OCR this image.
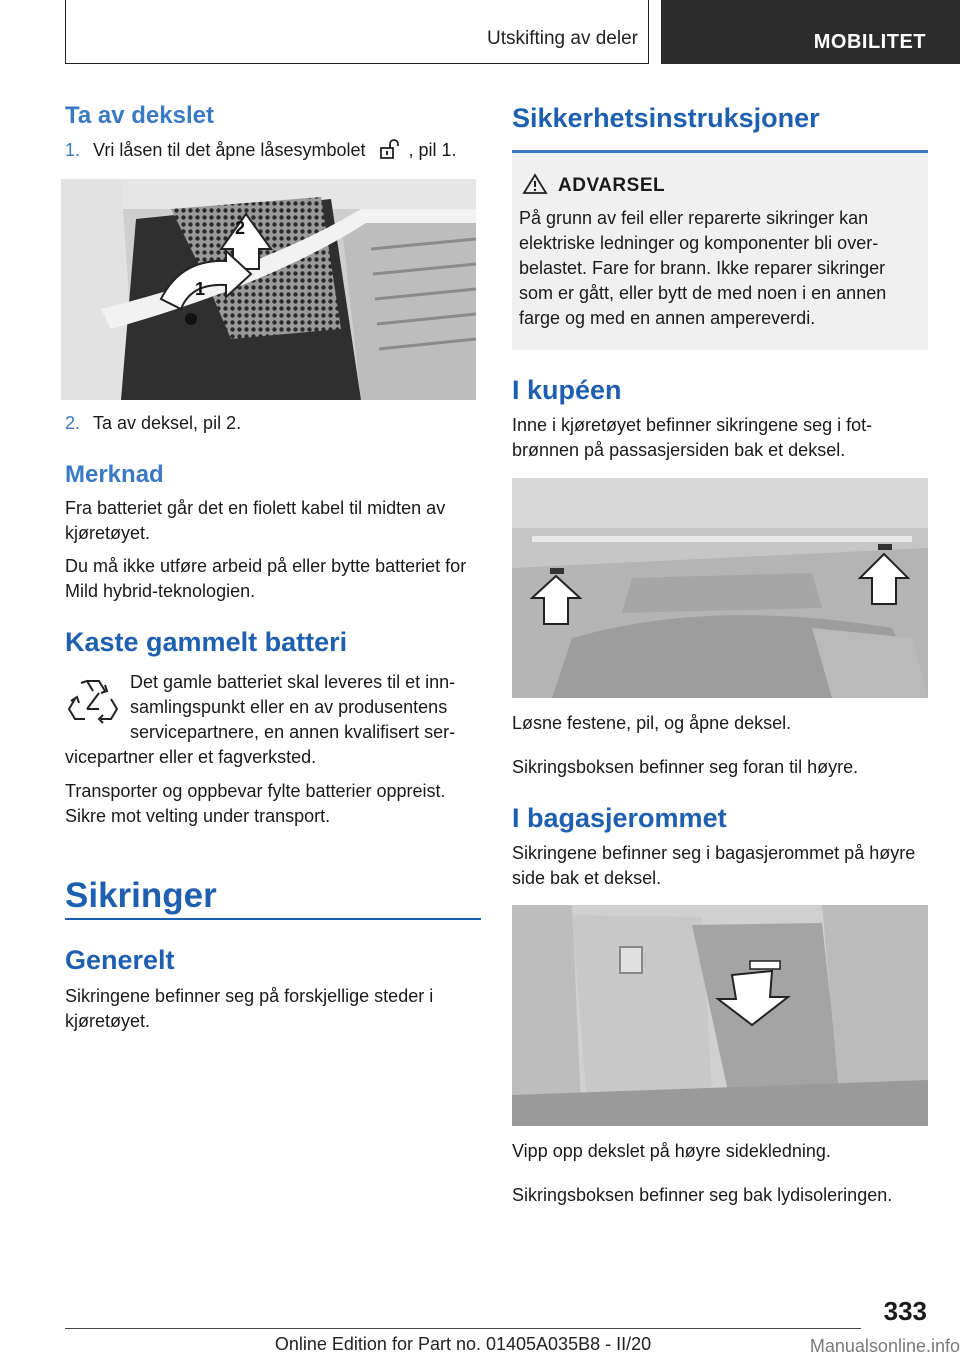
Utskifting av deler	MOBILITET
Ta av dekslet
1. Vri låsen til det åpne låsesymbolet , pil 1.
2
1
2. Ta av deksel, pil 2.
Merknad
Fra batteriet går det en fiolett kabel til midten av kjøretøyet.
Du må ikke utføre arbeid på eller bytte batteriet for Mild hybrid-teknologien.
Kaste gammelt batteri
Det gamle batteriet skal leveres til et inn-
samlingspunkt eller en av produsentens
servicepartnere, en annen kvalifisert ser-
vicepartner eller et fagverksted.
Transporter og oppbevar fylte batterier oppreist. Sikre mot velting under transport.
Sikringer
Generelt
Sikringene befinner seg på forskjellige steder i kjøretøyet.
Sikkerhetsinstruksjoner
ADVARSEL
På grunn av feil eller reparerte sikringer kan elektriske ledninger og komponenter bli over-belastet. Fare for brann. Ikke reparer sikringer som er gått, eller bytt de med noen i en annen farge og med en annen ampereverdi.
I kupéen
Inne i kjøretøyet befinner sikringene seg i fot-brønnen på passasjersiden bak et deksel.
Løsne festene, pil, og åpne deksel.
Sikringsboksen befinner seg foran til høyre.
I bagasjerommet
Sikringene befinner seg i bagasjerommet på høyre side bak et deksel.
Vipp opp dekslet på høyre sidekledning.
Sikringsboksen befinner seg bak lydisoleringen.
333
Online Edition for Part no. 01405A035B8 - II/20	Manualsonline.info
